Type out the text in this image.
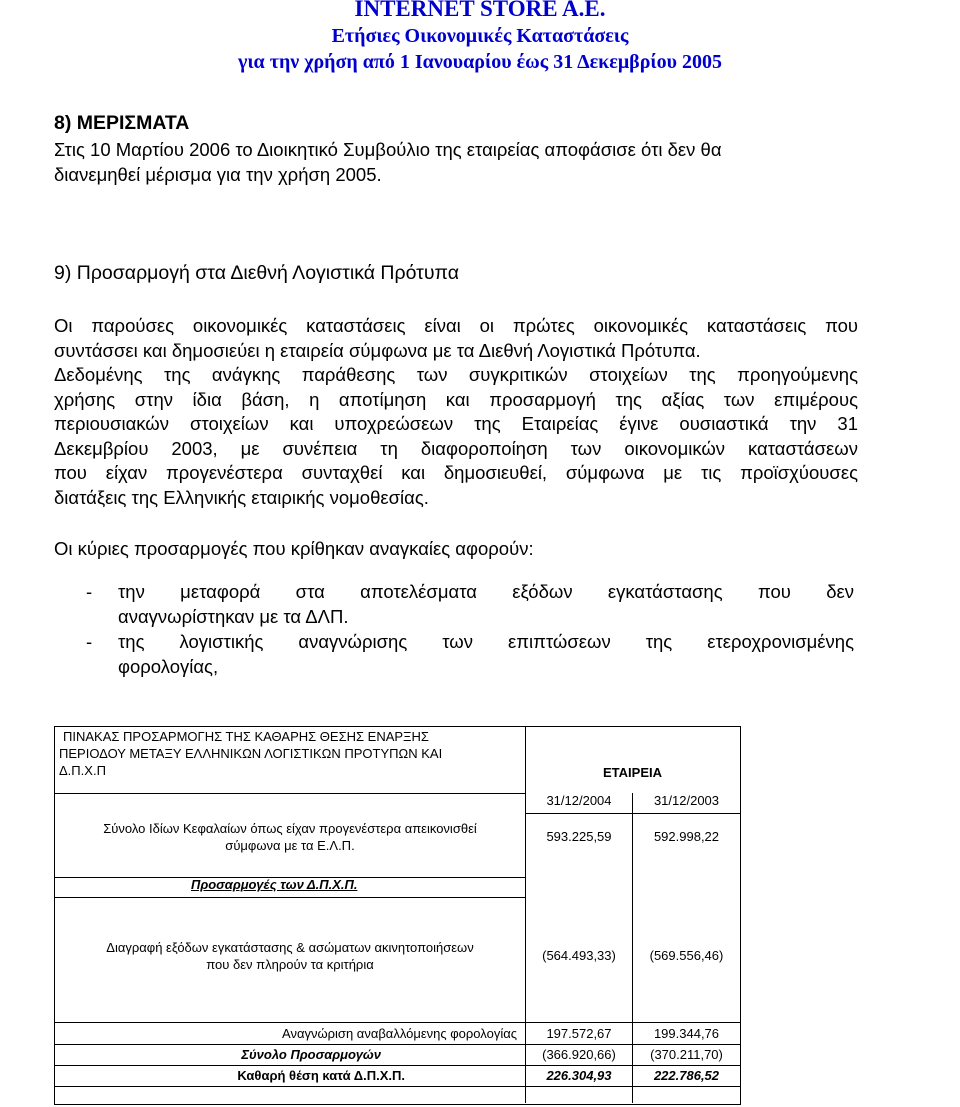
INTERNET STORE A.E.
Ετήσιες Οικονομικές Καταστάσεις
για την χρήση από 1 Ιανουαρίου έως 31 Δεκεμβρίου 2005
8) ΜΕΡΙΣΜΑΤΑ
Στις 10 Μαρτίου 2006 το Διοικητικό Συμβούλιο της εταιρείας αποφάσισε ότι δεν θα
διανεμηθεί μέρισμα για την χρήση 2005.
9) Προσαρμογή στα Διεθνή Λογιστικά Πρότυπα
Οι παρούσες οικονομικές καταστάσεις είναι οι πρώτες οικονομικές καταστάσεις που
συντάσσει και δημοσιεύει η εταιρεία σύμφωνα με τα Διεθνή Λογιστικά Πρότυπα.
Δεδομένης της ανάγκης παράθεσης των συγκριτικών στοιχείων της προηγούμενης
χρήσης στην ίδια βάση, η αποτίμηση και προσαρμογή της αξίας των επιμέρους
περιουσιακών στοιχείων και υποχρεώσεων της Εταιρείας έγινε ουσιαστικά την 31
Δεκεμβρίου 2003, με συνέπεια τη διαφοροποίηση των οικονομικών καταστάσεων
που είχαν προγενέστερα συνταχθεί και δημοσιευθεί, σύμφωνα με τις προϊσχύουσες
διατάξεις της Ελληνικής εταιρικής νομοθεσίας.
Οι κύριες προσαρμογές που κρίθηκαν αναγκαίες αφορούν:
- την μεταφορά στα αποτελέσματα εξόδων εγκατάστασης που δεν
αναγνωρίστηκαν με τα ΔΛΠ.
- της λογιστικής αναγνώρισης των επιπτώσεων της ετεροχρονισμένης
φορολογίας,
ΠΙΝΑΚΑΣ ΠΡΟΣΑΡΜΟΓΗΣ ΤΗΣ ΚΑΘΑΡΗΣ ΘΕΣΗΣ ΕΝΑΡΞΗΣ
ΠΕΡΙΟΔΟΥ ΜΕΤΑΞΥ ΕΛΛΗΝΙΚΩΝ ΛΟΓΙΣΤΙΚΩΝ ΠΡΟΤΥΠΩΝ ΚΑΙ
Δ.Π.Χ.Π	ΕΤΑΙΡΕΙΑ
31/12/2004	31/12/2003
Σύνολο Ιδίων Κεφαλαίων όπως είχαν προγενέστερα απεικονισθεί
σύμφωνα με τα Ε.Λ.Π.
593.225,59	592.998,22
Προσαρμογές των Δ.Π.Χ.Π.
Διαγραφή εξόδων εγκατάστασης & ασώματων ακινητοποιήσεων
που δεν πληρούν τα κριτήρια
(564.493,33)	(569.556,46)
Αναγνώριση αναβαλλόμενης φορολογίας	197.572,67	199.344,76
Σύνολο Προσαρμογών	(366.920,66)	(370.211,70)
Καθαρή θέση κατά Δ.Π.Χ.Π.	226.304,93	222.786,52
